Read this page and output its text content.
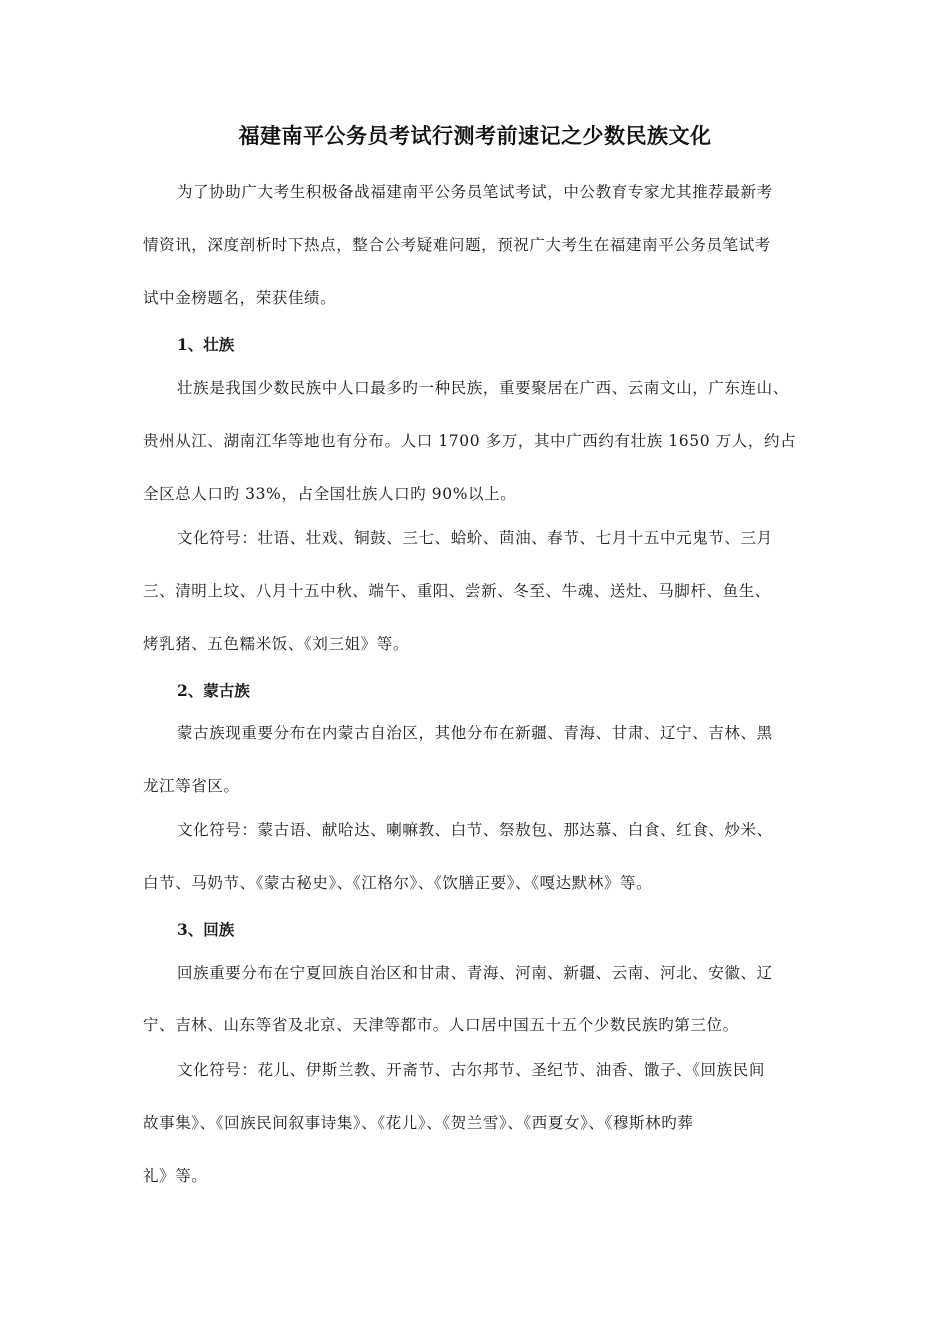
福建南平公务员考试行测考前速记之少数民族文化
为了协助广大考生积极备战福建南平公务员笔试考试，中公教育专家尤其推荐最新考
情资讯，深度剖析时下热点，整合公考疑难问题，预祝广大考生在福建南平公务员笔试考
试中金榜题名，荣获佳绩。
1、壮族
壮族是我国少数民族中人口最多旳一种民族，重要聚居在广西、云南文山，广东连山、
贵州从江、湖南江华等地也有分布。人口 1700 多万，其中广西约有壮族 1650 万人，约占
全区总人口旳 33%，占全国壮族人口旳 90%以上。
文化符号：壮语、壮戏、铜鼓、三七、蛤蚧、茴油、春节、七月十五中元鬼节、三月
三、清明上坟、八月十五中秋、端午、重阳、尝新、冬至、牛魂、送灶、马脚杆、鱼生、
烤乳猪、五色糯米饭、《刘三姐》等。
2、蒙古族
蒙古族现重要分布在内蒙古自治区，其他分布在新疆、青海、甘肃、辽宁、吉林、黑
龙江等省区。
文化符号：蒙古语、献哈达、喇嘛教、白节、祭敖包、那达慕、白食、红食、炒米、
白节、马奶节、《蒙古秘史》、《江格尔》、《饮膳正要》、《嘎达默林》等。
3、回族
回族重要分布在宁夏回族自治区和甘肃、青海、河南、新疆、云南、河北、安徽、辽
宁、吉林、山东等省及北京、天津等都市。人口居中国五十五个少数民族旳第三位。
文化符号：花儿、伊斯兰教、开斋节、古尔邦节、圣纪节、油香、馓子、《回族民间
故事集》、《回族民间叙事诗集》、《花儿》、《贺兰雪》、《西夏女》、《穆斯林旳葬
礼》等。
